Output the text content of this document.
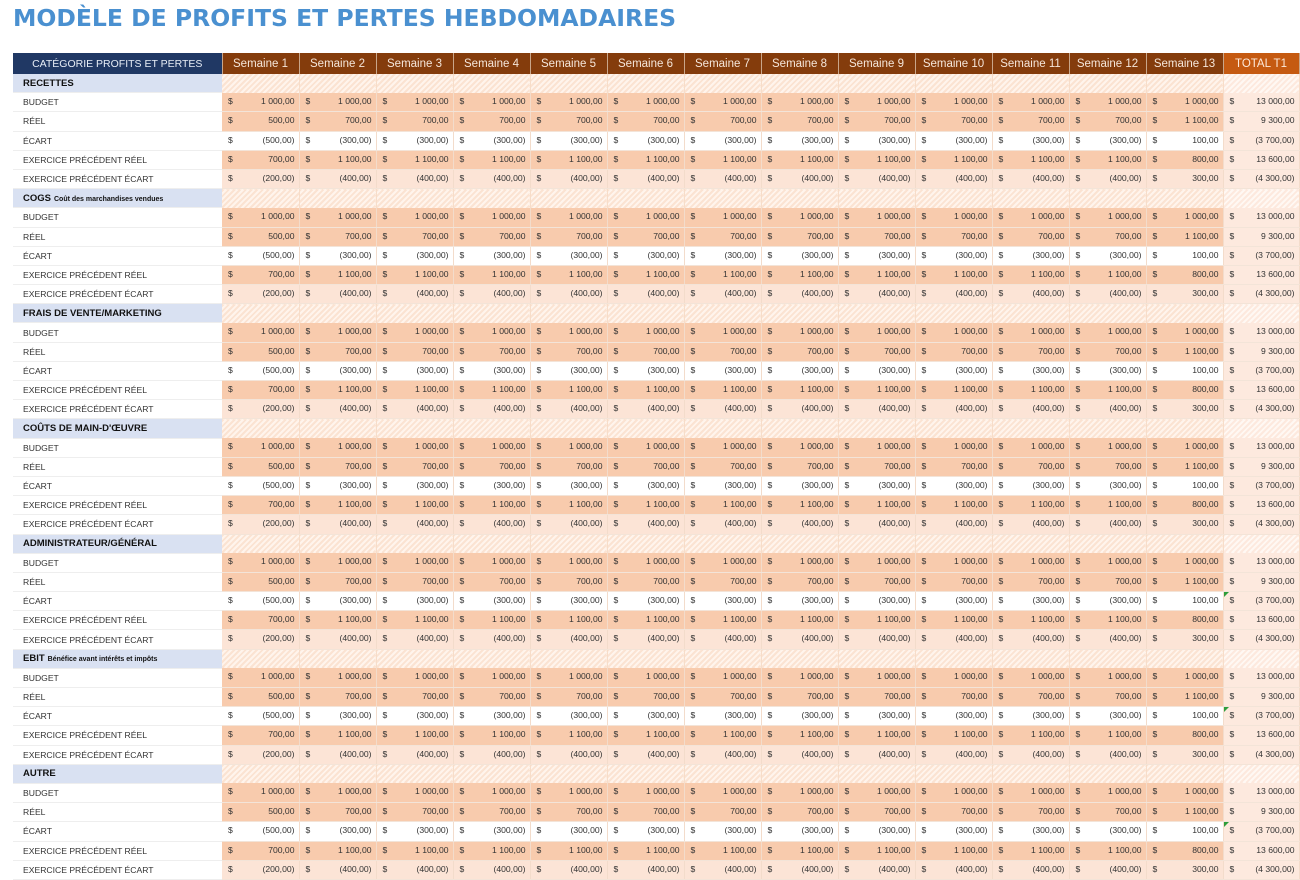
MODÈLE DE PROFITS ET PERTES HEBDOMADAIRES
CATÉGORIE PROFITS ET PERTES	Semaine 1	Semaine 2	Semaine 3	Semaine 4	Semaine 5	Semaine 6	Semaine 7	Semaine 8	Semaine 9	Semaine 10	Semaine 11	Semaine 12	Semaine 13	TOTAL T1
RECETTES														
BUDGET	$ 1 000,00	$ 1 000,00	$ 1 000,00	$ 1 000,00	$ 1 000,00	$ 1 000,00	$ 1 000,00	$ 1 000,00	$ 1 000,00	$ 1 000,00	$ 1 000,00	$ 1 000,00	$ 1 000,00	$ 13 000,00

RÉEL	$ 500,00	$ 700,00	$ 700,00	$ 700,00	$ 700,00	$ 700,00	$ 700,00	$ 700,00	$ 700,00	$ 700,00	$ 700,00	$ 700,00	$ 1 100,00	$ 9 300,00

ÉCART	$ (500,00)	$ (300,00)	$ (300,00)	$ (300,00)	$ (300,00)	$ (300,00)	$ (300,00)	$ (300,00)	$ (300,00)	$ (300,00)	$ (300,00)	$ (300,00)	$ 100,00	$ (3 700,00)

EXERCICE PRÉCÉDENT RÉEL	$ 700,00	$ 1 100,00	$ 1 100,00	$ 1 100,00	$ 1 100,00	$ 1 100,00	$ 1 100,00	$ 1 100,00	$ 1 100,00	$ 1 100,00	$ 1 100,00	$ 1 100,00	$ 800,00	$ 13 600,00

EXERCICE PRÉCÉDENT ÉCART	$ (200,00)	$ (400,00)	$ (400,00)	$ (400,00)	$ (400,00)	$ (400,00)	$ (400,00)	$ (400,00)	$ (400,00)	$ (400,00)	$ (400,00)	$ (400,00)	$ 300,00	$ (4 300,00)

COGS Coût des marchandises vendues														
BUDGET	$ 1 000,00	$ 1 000,00	$ 1 000,00	$ 1 000,00	$ 1 000,00	$ 1 000,00	$ 1 000,00	$ 1 000,00	$ 1 000,00	$ 1 000,00	$ 1 000,00	$ 1 000,00	$ 1 000,00	$ 13 000,00

RÉEL	$ 500,00	$ 700,00	$ 700,00	$ 700,00	$ 700,00	$ 700,00	$ 700,00	$ 700,00	$ 700,00	$ 700,00	$ 700,00	$ 700,00	$ 1 100,00	$ 9 300,00

ÉCART	$ (500,00)	$ (300,00)	$ (300,00)	$ (300,00)	$ (300,00)	$ (300,00)	$ (300,00)	$ (300,00)	$ (300,00)	$ (300,00)	$ (300,00)	$ (300,00)	$ 100,00	$ (3 700,00)

EXERCICE PRÉCÉDENT RÉEL	$ 700,00	$ 1 100,00	$ 1 100,00	$ 1 100,00	$ 1 100,00	$ 1 100,00	$ 1 100,00	$ 1 100,00	$ 1 100,00	$ 1 100,00	$ 1 100,00	$ 1 100,00	$ 800,00	$ 13 600,00

EXERCICE PRÉCÉDENT ÉCART	$ (200,00)	$ (400,00)	$ (400,00)	$ (400,00)	$ (400,00)	$ (400,00)	$ (400,00)	$ (400,00)	$ (400,00)	$ (400,00)	$ (400,00)	$ (400,00)	$ 300,00	$ (4 300,00)

FRAIS DE VENTE/MARKETING														
BUDGET	$ 1 000,00	$ 1 000,00	$ 1 000,00	$ 1 000,00	$ 1 000,00	$ 1 000,00	$ 1 000,00	$ 1 000,00	$ 1 000,00	$ 1 000,00	$ 1 000,00	$ 1 000,00	$ 1 000,00	$ 13 000,00

RÉEL	$ 500,00	$ 700,00	$ 700,00	$ 700,00	$ 700,00	$ 700,00	$ 700,00	$ 700,00	$ 700,00	$ 700,00	$ 700,00	$ 700,00	$ 1 100,00	$ 9 300,00

ÉCART	$ (500,00)	$ (300,00)	$ (300,00)	$ (300,00)	$ (300,00)	$ (300,00)	$ (300,00)	$ (300,00)	$ (300,00)	$ (300,00)	$ (300,00)	$ (300,00)	$ 100,00	$ (3 700,00)

EXERCICE PRÉCÉDENT RÉEL	$ 700,00	$ 1 100,00	$ 1 100,00	$ 1 100,00	$ 1 100,00	$ 1 100,00	$ 1 100,00	$ 1 100,00	$ 1 100,00	$ 1 100,00	$ 1 100,00	$ 1 100,00	$ 800,00	$ 13 600,00

EXERCICE PRÉCÉDENT ÉCART	$ (200,00)	$ (400,00)	$ (400,00)	$ (400,00)	$ (400,00)	$ (400,00)	$ (400,00)	$ (400,00)	$ (400,00)	$ (400,00)	$ (400,00)	$ (400,00)	$ 300,00	$ (4 300,00)

COÛTS DE MAIN-D'ŒUVRE														
BUDGET	$ 1 000,00	$ 1 000,00	$ 1 000,00	$ 1 000,00	$ 1 000,00	$ 1 000,00	$ 1 000,00	$ 1 000,00	$ 1 000,00	$ 1 000,00	$ 1 000,00	$ 1 000,00	$ 1 000,00	$ 13 000,00

RÉEL	$ 500,00	$ 700,00	$ 700,00	$ 700,00	$ 700,00	$ 700,00	$ 700,00	$ 700,00	$ 700,00	$ 700,00	$ 700,00	$ 700,00	$ 1 100,00	$ 9 300,00

ÉCART	$ (500,00)	$ (300,00)	$ (300,00)	$ (300,00)	$ (300,00)	$ (300,00)	$ (300,00)	$ (300,00)	$ (300,00)	$ (300,00)	$ (300,00)	$ (300,00)	$ 100,00	$ (3 700,00)

EXERCICE PRÉCÉDENT RÉEL	$ 700,00	$ 1 100,00	$ 1 100,00	$ 1 100,00	$ 1 100,00	$ 1 100,00	$ 1 100,00	$ 1 100,00	$ 1 100,00	$ 1 100,00	$ 1 100,00	$ 1 100,00	$ 800,00	$ 13 600,00

EXERCICE PRÉCÉDENT ÉCART	$ (200,00)	$ (400,00)	$ (400,00)	$ (400,00)	$ (400,00)	$ (400,00)	$ (400,00)	$ (400,00)	$ (400,00)	$ (400,00)	$ (400,00)	$ (400,00)	$ 300,00	$ (4 300,00)

ADMINISTRATEUR/GÉNÉRAL														
BUDGET	$ 1 000,00	$ 1 000,00	$ 1 000,00	$ 1 000,00	$ 1 000,00	$ 1 000,00	$ 1 000,00	$ 1 000,00	$ 1 000,00	$ 1 000,00	$ 1 000,00	$ 1 000,00	$ 1 000,00	$ 13 000,00

RÉEL	$ 500,00	$ 700,00	$ 700,00	$ 700,00	$ 700,00	$ 700,00	$ 700,00	$ 700,00	$ 700,00	$ 700,00	$ 700,00	$ 700,00	$ 1 100,00	$ 9 300,00

ÉCART	$ (500,00)	$ (300,00)	$ (300,00)	$ (300,00)	$ (300,00)	$ (300,00)	$ (300,00)	$ (300,00)	$ (300,00)	$ (300,00)	$ (300,00)	$ (300,00)	$ 100,00	$ (3 700,00)

EXERCICE PRÉCÉDENT RÉEL	$ 700,00	$ 1 100,00	$ 1 100,00	$ 1 100,00	$ 1 100,00	$ 1 100,00	$ 1 100,00	$ 1 100,00	$ 1 100,00	$ 1 100,00	$ 1 100,00	$ 1 100,00	$ 800,00	$ 13 600,00

EXERCICE PRÉCÉDENT ÉCART	$ (200,00)	$ (400,00)	$ (400,00)	$ (400,00)	$ (400,00)	$ (400,00)	$ (400,00)	$ (400,00)	$ (400,00)	$ (400,00)	$ (400,00)	$ (400,00)	$ 300,00	$ (4 300,00)

EBIT Bénéfice avant intérêts et impôts														
BUDGET	$ 1 000,00	$ 1 000,00	$ 1 000,00	$ 1 000,00	$ 1 000,00	$ 1 000,00	$ 1 000,00	$ 1 000,00	$ 1 000,00	$ 1 000,00	$ 1 000,00	$ 1 000,00	$ 1 000,00	$ 13 000,00

RÉEL	$ 500,00	$ 700,00	$ 700,00	$ 700,00	$ 700,00	$ 700,00	$ 700,00	$ 700,00	$ 700,00	$ 700,00	$ 700,00	$ 700,00	$ 1 100,00	$ 9 300,00

ÉCART	$ (500,00)	$ (300,00)	$ (300,00)	$ (300,00)	$ (300,00)	$ (300,00)	$ (300,00)	$ (300,00)	$ (300,00)	$ (300,00)	$ (300,00)	$ (300,00)	$ 100,00	$ (3 700,00)

EXERCICE PRÉCÉDENT RÉEL	$ 700,00	$ 1 100,00	$ 1 100,00	$ 1 100,00	$ 1 100,00	$ 1 100,00	$ 1 100,00	$ 1 100,00	$ 1 100,00	$ 1 100,00	$ 1 100,00	$ 1 100,00	$ 800,00	$ 13 600,00

EXERCICE PRÉCÉDENT ÉCART	$ (200,00)	$ (400,00)	$ (400,00)	$ (400,00)	$ (400,00)	$ (400,00)	$ (400,00)	$ (400,00)	$ (400,00)	$ (400,00)	$ (400,00)	$ (400,00)	$ 300,00	$ (4 300,00)

AUTRE														
BUDGET	$ 1 000,00	$ 1 000,00	$ 1 000,00	$ 1 000,00	$ 1 000,00	$ 1 000,00	$ 1 000,00	$ 1 000,00	$ 1 000,00	$ 1 000,00	$ 1 000,00	$ 1 000,00	$ 1 000,00	$ 13 000,00

RÉEL	$ 500,00	$ 700,00	$ 700,00	$ 700,00	$ 700,00	$ 700,00	$ 700,00	$ 700,00	$ 700,00	$ 700,00	$ 700,00	$ 700,00	$ 1 100,00	$ 9 300,00

ÉCART	$ (500,00)	$ (300,00)	$ (300,00)	$ (300,00)	$ (300,00)	$ (300,00)	$ (300,00)	$ (300,00)	$ (300,00)	$ (300,00)	$ (300,00)	$ (300,00)	$ 100,00	$ (3 700,00)

EXERCICE PRÉCÉDENT RÉEL	$ 700,00	$ 1 100,00	$ 1 100,00	$ 1 100,00	$ 1 100,00	$ 1 100,00	$ 1 100,00	$ 1 100,00	$ 1 100,00	$ 1 100,00	$ 1 100,00	$ 1 100,00	$ 800,00	$ 13 600,00

EXERCICE PRÉCÉDENT ÉCART	$ (200,00)	$ (400,00)	$ (400,00)	$ (400,00)	$ (400,00)	$ (400,00)	$ (400,00)	$ (400,00)	$ (400,00)	$ (400,00)	$ (400,00)	$ (400,00)	$ 300,00	$ (4 300,00)
